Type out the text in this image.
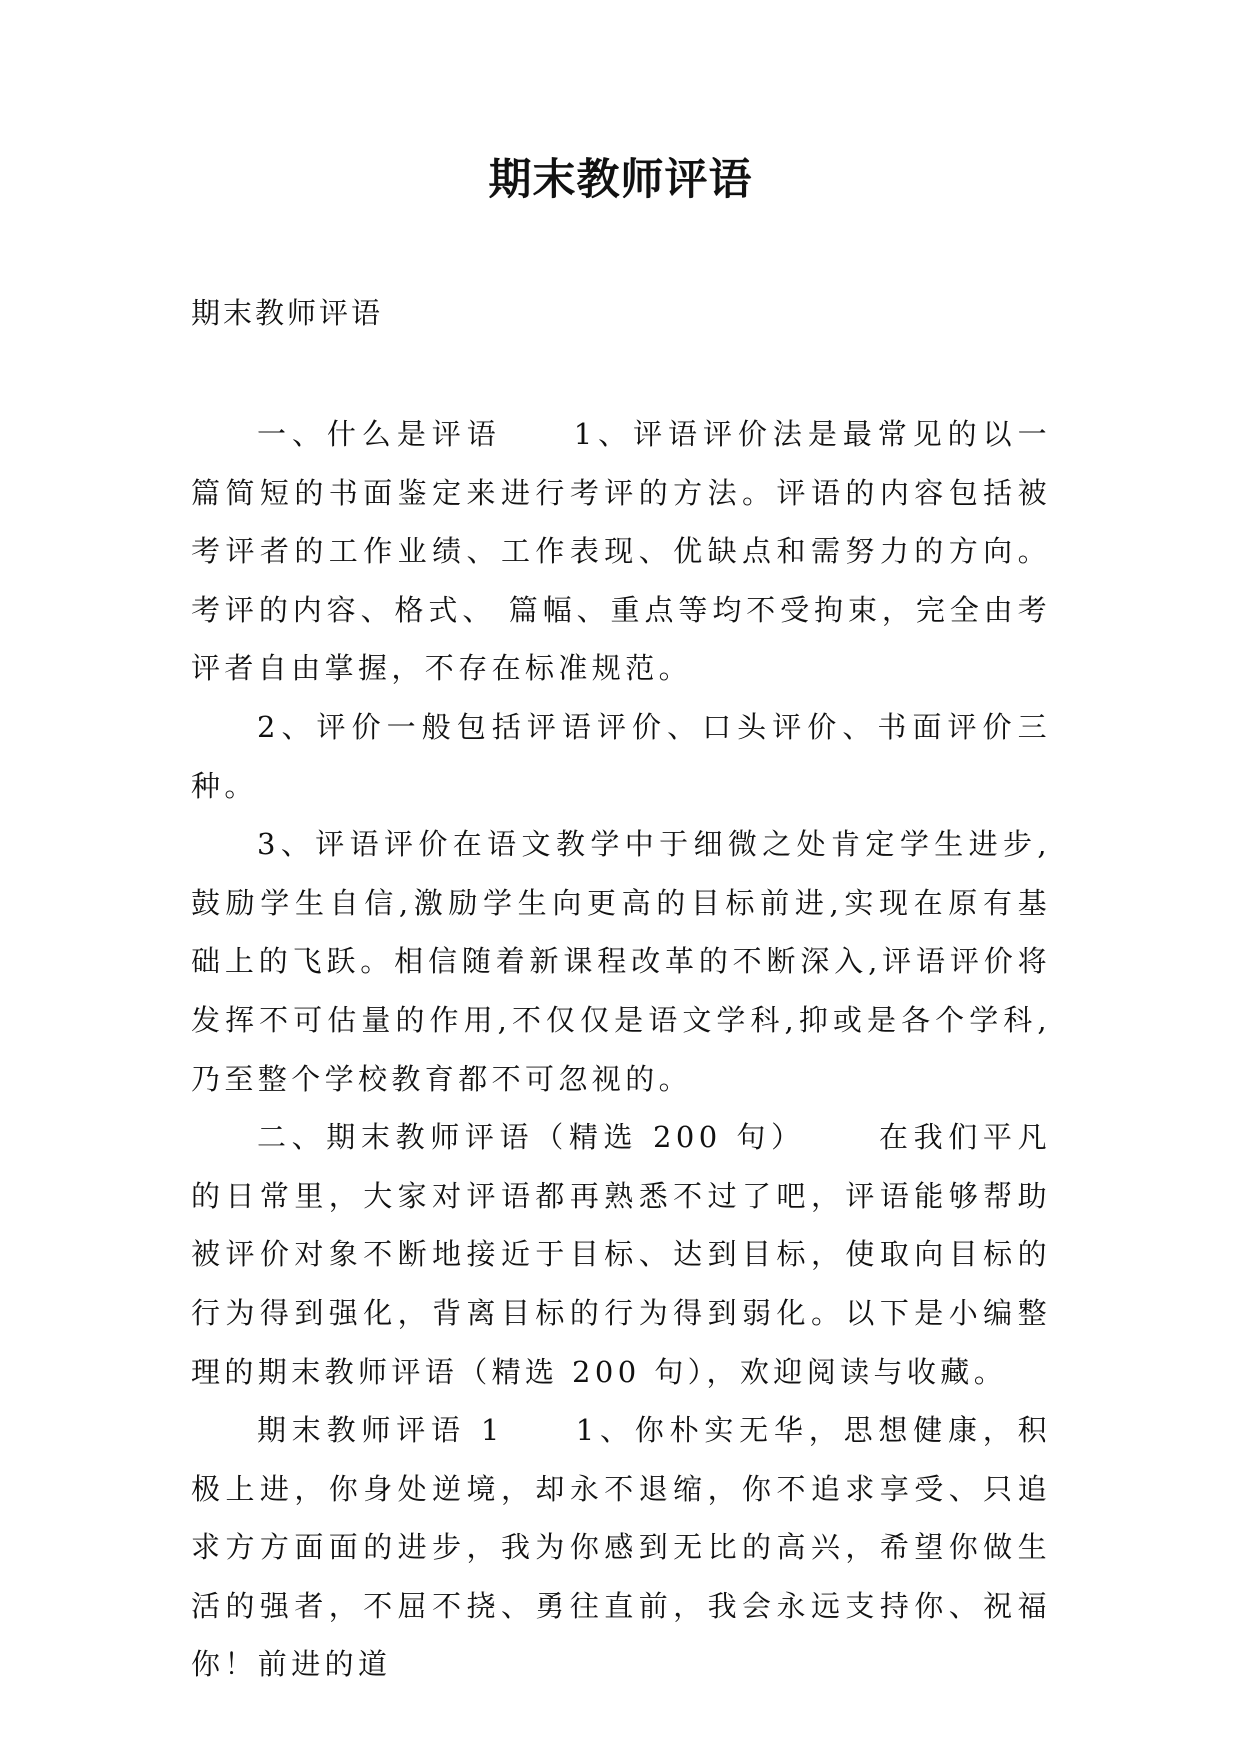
期末教师评语

期末教师评语

一、什么是评语 1、评语评价法是最常见的以一篇简短的书面鉴定来进行考评的方法。评语的内容包括被考评者的工作业绩、工作表现、优缺点和需努力的方向。考评的内容、格式、 篇幅、重点等均不受拘束，完全由考评者自由掌握，不存在标准规范。

2、评价一般包括评语评价、口头评价、书面评价三种。

3、评语评价在语文教学中于细微之处肯定学生进步,鼓励学生自信,激励学生向更高的目标前进,实现在原有基础上的飞跃。相信随着新课程改革的不断深入,评语评价将发挥不可估量的作用,不仅仅是语文学科,抑或是各个学科,乃至整个学校教育都不可忽视的。

二、期末教师评语（精选 200 句） 在我们平凡的日常里，大家对评语都再熟悉不过了吧，评语能够帮助被评价对象不断地接近于目标、达到目标，使取向目标的行为得到强化，背离目标的行为得到弱化。以下是小编整理的期末教师评语（精选 200 句），欢迎阅读与收藏。

期末教师评语 1 1、你朴实无华，思想健康，积极上进，你身处逆境，却永不退缩，你不追求享受、只追求方方面面的进步，我为你感到无比的高兴，希望你做生活的强者，不屈不挠、勇往直前，我会永远支持你、祝福你！前进的道
